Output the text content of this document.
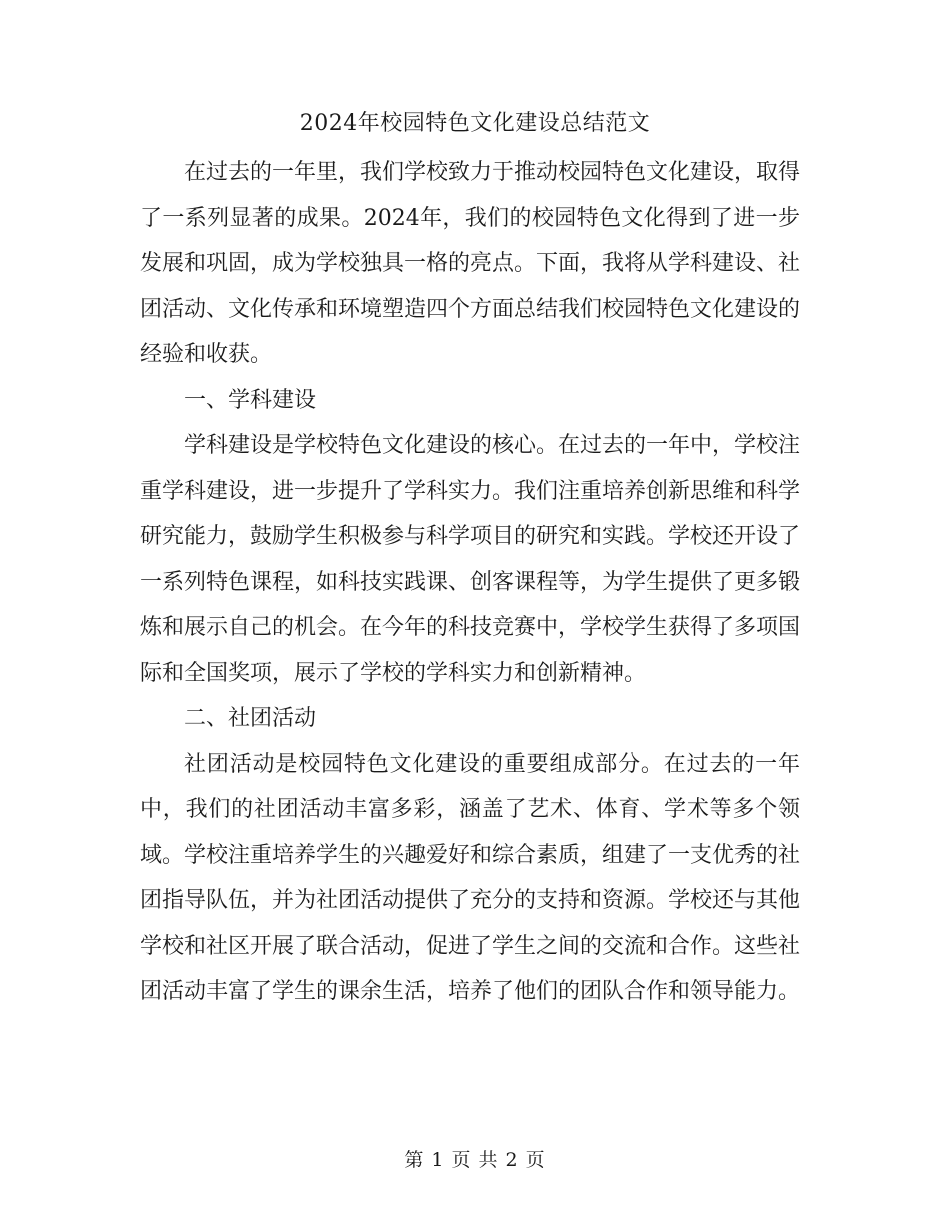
2024年校园特色文化建设总结范文

在过去的一年里，我们学校致力于推动校园特色文化建设，取得了一系列显著的成果。2024年，我们的校园特色文化得到了进一步发展和巩固，成为学校独具一格的亮点。下面，我将从学科建设、社团活动、文化传承和环境塑造四个方面总结我们校园特色文化建设的经验和收获。

一、学科建设

学科建设是学校特色文化建设的核心。在过去的一年中，学校注重学科建设，进一步提升了学科实力。我们注重培养创新思维和科学研究能力，鼓励学生积极参与科学项目的研究和实践。学校还开设了一系列特色课程，如科技实践课、创客课程等，为学生提供了更多锻炼和展示自己的机会。在今年的科技竞赛中，学校学生获得了多项国际和全国奖项，展示了学校的学科实力和创新精神。

二、社团活动

社团活动是校园特色文化建设的重要组成部分。在过去的一年中，我们的社团活动丰富多彩，涵盖了艺术、体育、学术等多个领域。学校注重培养学生的兴趣爱好和综合素质，组建了一支优秀的社团指导队伍，并为社团活动提供了充分的支持和资源。学校还与其他学校和社区开展了联合活动，促进了学生之间的交流和合作。这些社团活动丰富了学生的课余生活，培养了他们的团队合作和领导能力。

第 1 页 共 2 页
